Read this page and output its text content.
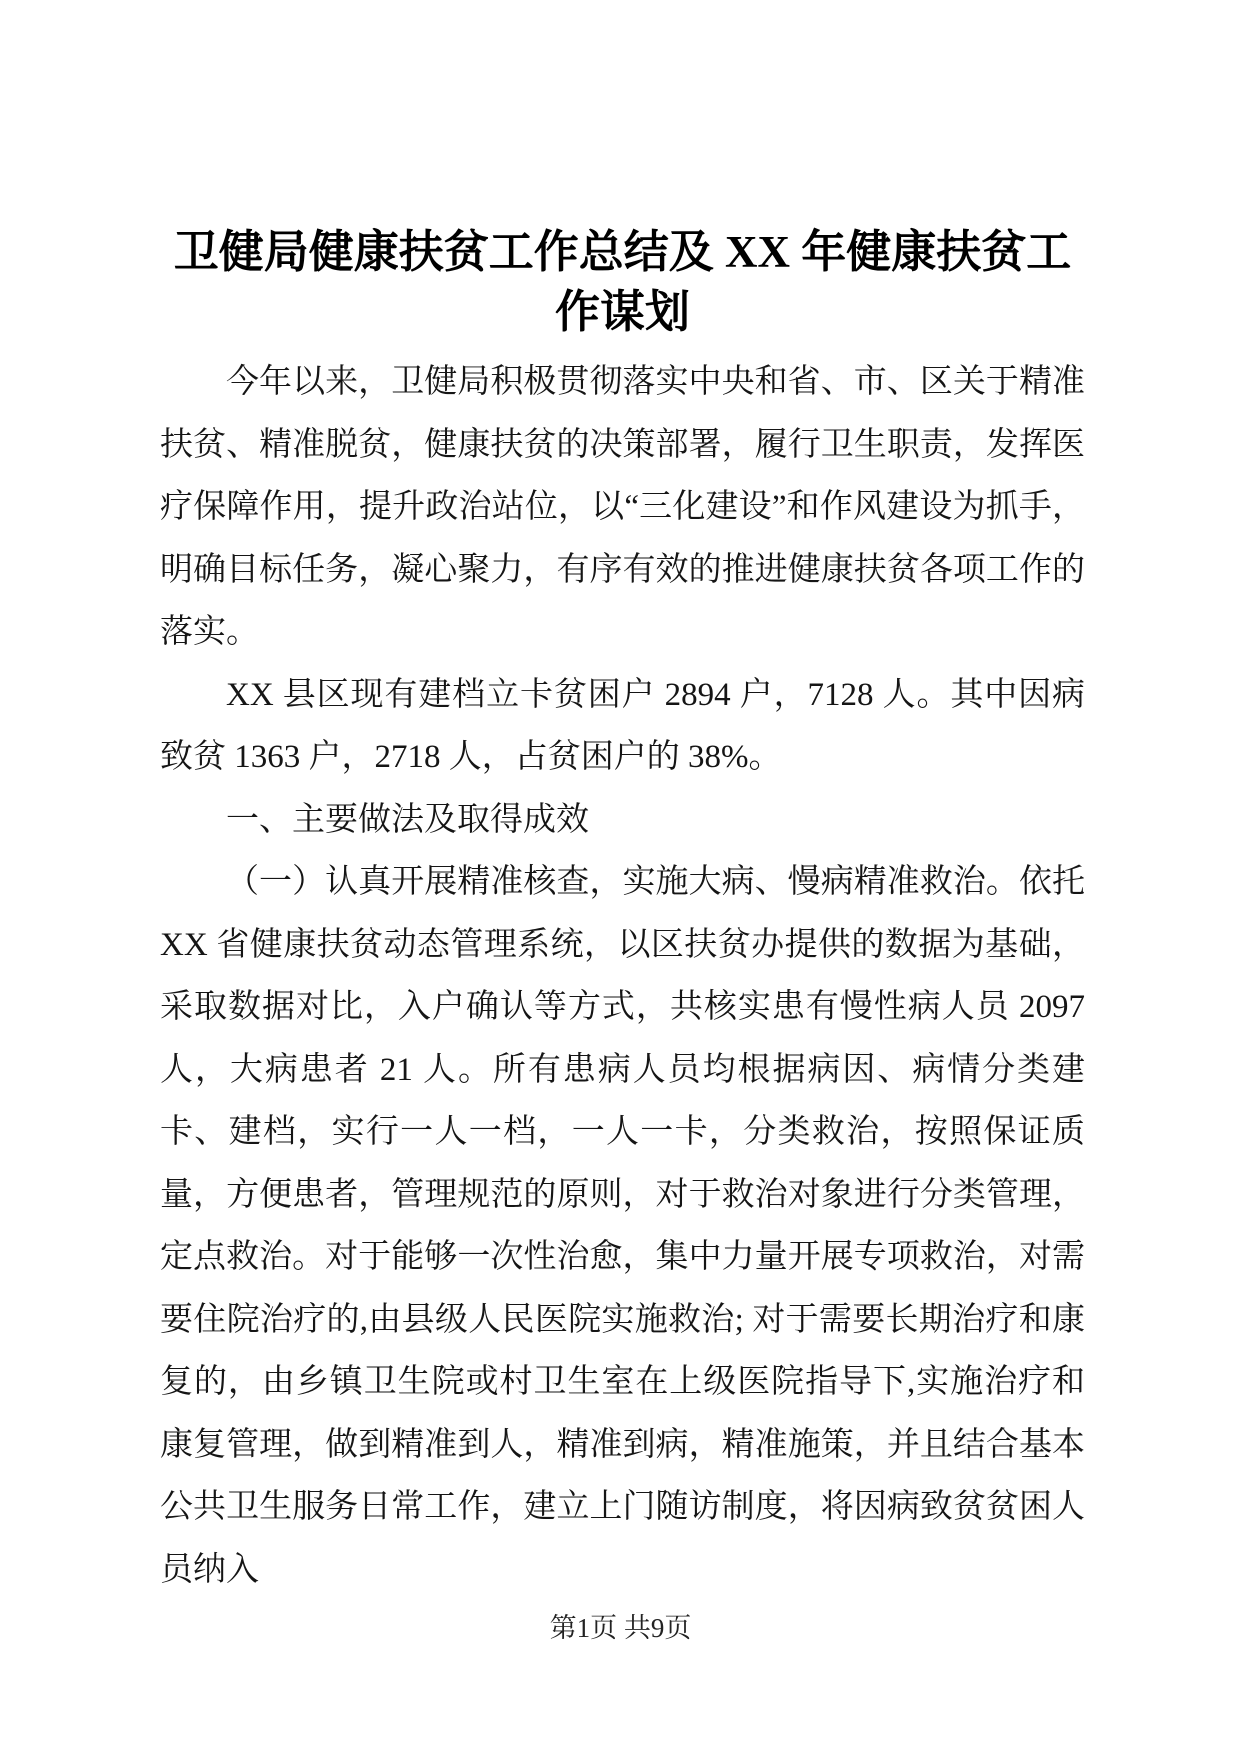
卫健局健康扶贫工作总结及 XX 年健康扶贫工作谋划

今年以来，卫健局积极贯彻落实中央和省、市、区关于精准扶贫、精准脱贫，健康扶贫的决策部署，履行卫生职责，发挥医疗保障作用，提升政治站位，以“三化建设”和作风建设为抓手，明确目标任务，凝心聚力，有序有效的推进健康扶贫各项工作的落实。

XX 县区现有建档立卡贫困户 2894 户，7128 人。其中因病致贫 1363 户，2718 人，占贫困户的 38%。

一、主要做法及取得成效

（一）认真开展精准核查，实施大病、慢病精准救治。依托 XX 省健康扶贫动态管理系统，以区扶贫办提供的数据为基础，采取数据对比，入户确认等方式，共核实患有慢性病人员 2097 人，大病患者 21 人。所有患病人员均根据病因、病情分类建卡、建档，实行一人一档，一人一卡，分类救治，按照保证质量，方便患者，管理规范的原则，对于救治对象进行分类管理，定点救治。对于能够一次性治愈，集中力量开展专项救治，对需要住院治疗的,由县级人民医院实施救治; 对于需要长期治疗和康复的，由乡镇卫生院或村卫生室在上级医院指导下,实施治疗和康复管理，做到精准到人，精准到病，精准施策，并且结合基本公共卫生服务日常工作，建立上门随访制度，将因病致贫贫困人员纳入

第1页 共9页
